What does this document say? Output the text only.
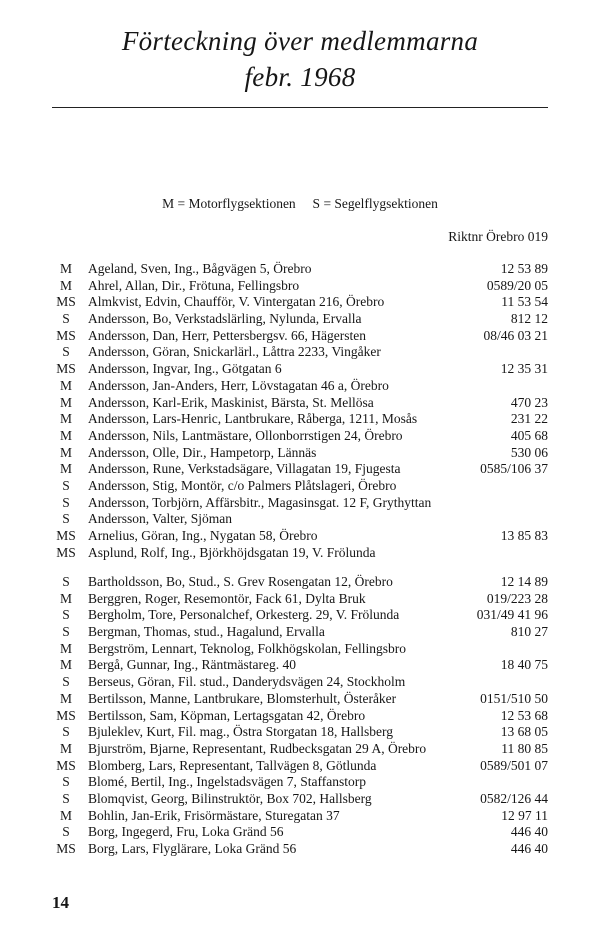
Förteckning över medlemmarna
febr. 1968
M = Motorflygsektionen     S = Segelflygsektionen
Riktnr Örebro 019
M	Ageland, Sven, Ing., Bågvägen 5, Örebro	12 53 89
M	Ahrel, Allan, Dir., Frötuna, Fellingsbro	0589/20 05
MS Almkvist, Edvin, Chaufför, V. Vintergatan 216, Örebro	11 53 54
S	Andersson, Bo, Verkstadslärling, Nylunda, Ervalla	812 12
MS Andersson, Dan, Herr, Pettersbergsv. 66, Hägersten	08/46 03 21
S	Andersson, Göran, Snickarlärl., Låttra 2233, Vingåker
MS Andersson, Ingvar, Ing., Götgatan 6	12 35 31
M	Andersson, Jan-Anders, Herr, Lövstagatan 46 a, Örebro
M	Andersson, Karl-Erik, Maskinist, Bärsta, St. Mellösa	470 23
M	Andersson, Lars-Henric, Lantbrukare, Råberga, 1211, Mosås	231 22
M	Andersson, Nils, Lantmästare, Ollonborrstigen 24, Örebro	405 68
M	Andersson, Olle, Dir., Hampetorp, Lännäs	530 06
M	Andersson, Rune, Verkstadsägare, Villagatan 19, Fjugesta	0585/106 37
S	Andersson, Stig, Montör, c/o Palmers Plåtslageri, Örebro
S	Andersson, Torbjörn, Affärsbitr., Magasinsgat. 12 F, Grythyttan
S	Andersson, Valter, Sjöman
MS Arnelius, Göran, Ing., Nygatan 58, Örebro	13 85 83
MS Asplund, Rolf, Ing., Björkhöjdsgatan 19, V. Frölunda
S	Bartholdsson, Bo, Stud., S. Grev Rosengatan 12, Örebro	12 14 89
M	Berggren, Roger, Resemontör, Fack 61, Dylta Bruk	019/223 28
S	Bergholm, Tore, Personalchef, Orkesterg. 29, V. Frölunda	031/49 41 96
S	Bergman, Thomas, stud., Hagalund, Ervalla	810 27
M	Bergström, Lennart, Teknolog, Folkhögskolan, Fellingsbro
M	Bergå, Gunnar, Ing., Räntmästareg. 40	18 40 75
S	Berseus, Göran, Fil. stud., Danderydsvägen 24, Stockholm
M	Bertilsson, Manne, Lantbrukare, Blomsterhult, Österåker	0151/510 50
MS Bertilsson, Sam, Köpman, Lertagsgatan 42, Örebro	12 53 68
S	Bjuleklev, Kurt, Fil. mag., Östra Storgatan 18, Hallsberg	13 68 05
M	Bjurström, Bjarne, Representant, Rudbecksgatan 29 A, Örebro	11 80 85
MS Blomberg, Lars, Representant, Tallvägen 8, Götlunda	0589/501 07
S	Blomé, Bertil, Ing., Ingelstadsvägen 7, Staffanstorp
S	Blomqvist, Georg, Bilinstruktör, Box 702, Hallsberg	0582/126 44
M	Bohlin, Jan-Erik, Frisörmästare, Sturegatan 37	12 97 11
S	Borg, Ingegerd, Fru, Loka Gränd 56	446 40
MS Borg, Lars, Flyglärare, Loka Gränd 56	446 40
14
